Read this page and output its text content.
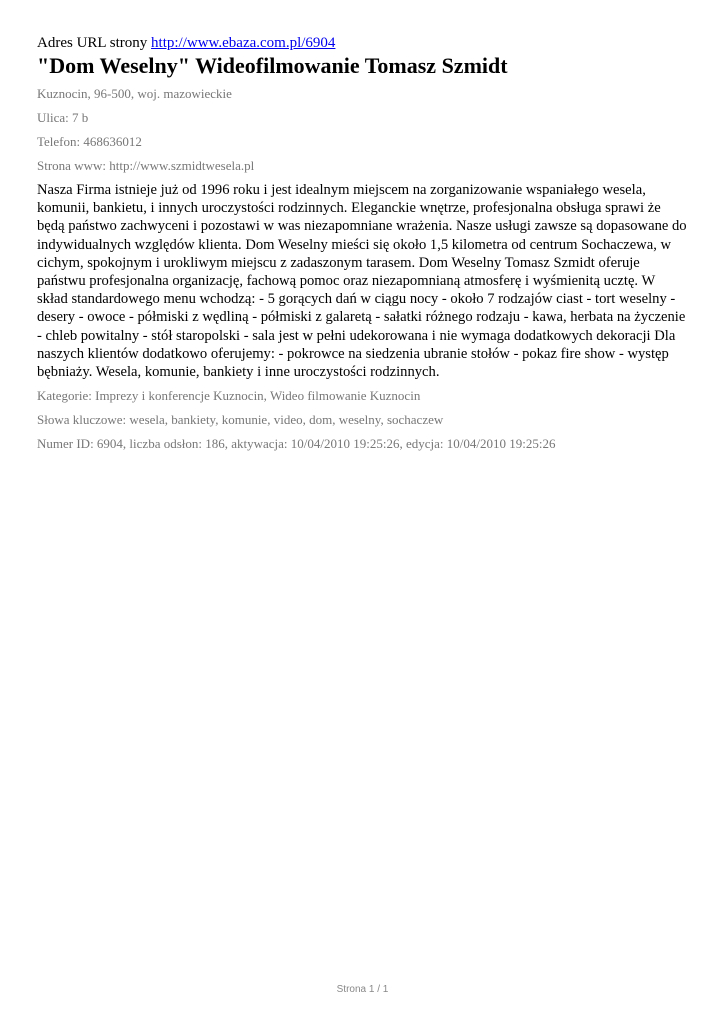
Adres URL strony http://www.ebaza.com.pl/6904

"Dom Weselny" Wideofilmowanie Tomasz Szmidt

Kuznocin, 96-500, woj. mazowieckie

Ulica: 7 b

Telefon: 468636012

Strona www: http://www.szmidtwesela.pl

Nasza Firma istnieje już od 1996 roku i jest idealnym miejscem na zorganizowanie wspaniałego wesela, komunii, bankietu, i innych uroczystości rodzinnych. Eleganckie wnętrze, profesjonalna obsługa sprawi że będą państwo zachwyceni i pozostawi w was niezapomniane wrażenia. Nasze usługi zawsze są dopasowane do indywidualnych względów klienta. Dom Weselny mieści się około 1,5 kilometra od centrum Sochaczewa, w cichym, spokojnym i urokliwym miejscu z zadaszonym tarasem. Dom Weselny Tomasz Szmidt oferuje państwu profesjonalna organizację, fachową pomoc oraz niezapomnianą atmosferę i wyśmienitą ucztę. W skład standardowego menu wchodzą: - 5 gorących dań w ciągu nocy - około 7 rodzajów ciast - tort weselny - desery - owoce - półmiski z wędliną - półmiski z galaretą - sałatki różnego rodzaju - kawa, herbata na życzenie - chleb powitalny - stół staropolski - sala jest w pełni udekorowana i nie wymaga dodatkowych dekoracji Dla naszych klientów dodatkowo oferujemy: - pokrowce na siedzenia ubranie stołów - pokaz fire show - występ bębniaży. Wesela, komunie, bankiety i inne uroczystości rodzinnych.

Kategorie: Imprezy i konferencje Kuznocin, Wideo filmowanie Kuznocin

Słowa kluczowe: wesela, bankiety, komunie, video, dom, weselny, sochaczew

Numer ID: 6904, liczba odsłon: 186, aktywacja: 10/04/2010 19:25:26, edycja: 10/04/2010 19:25:26

Strona 1 / 1
